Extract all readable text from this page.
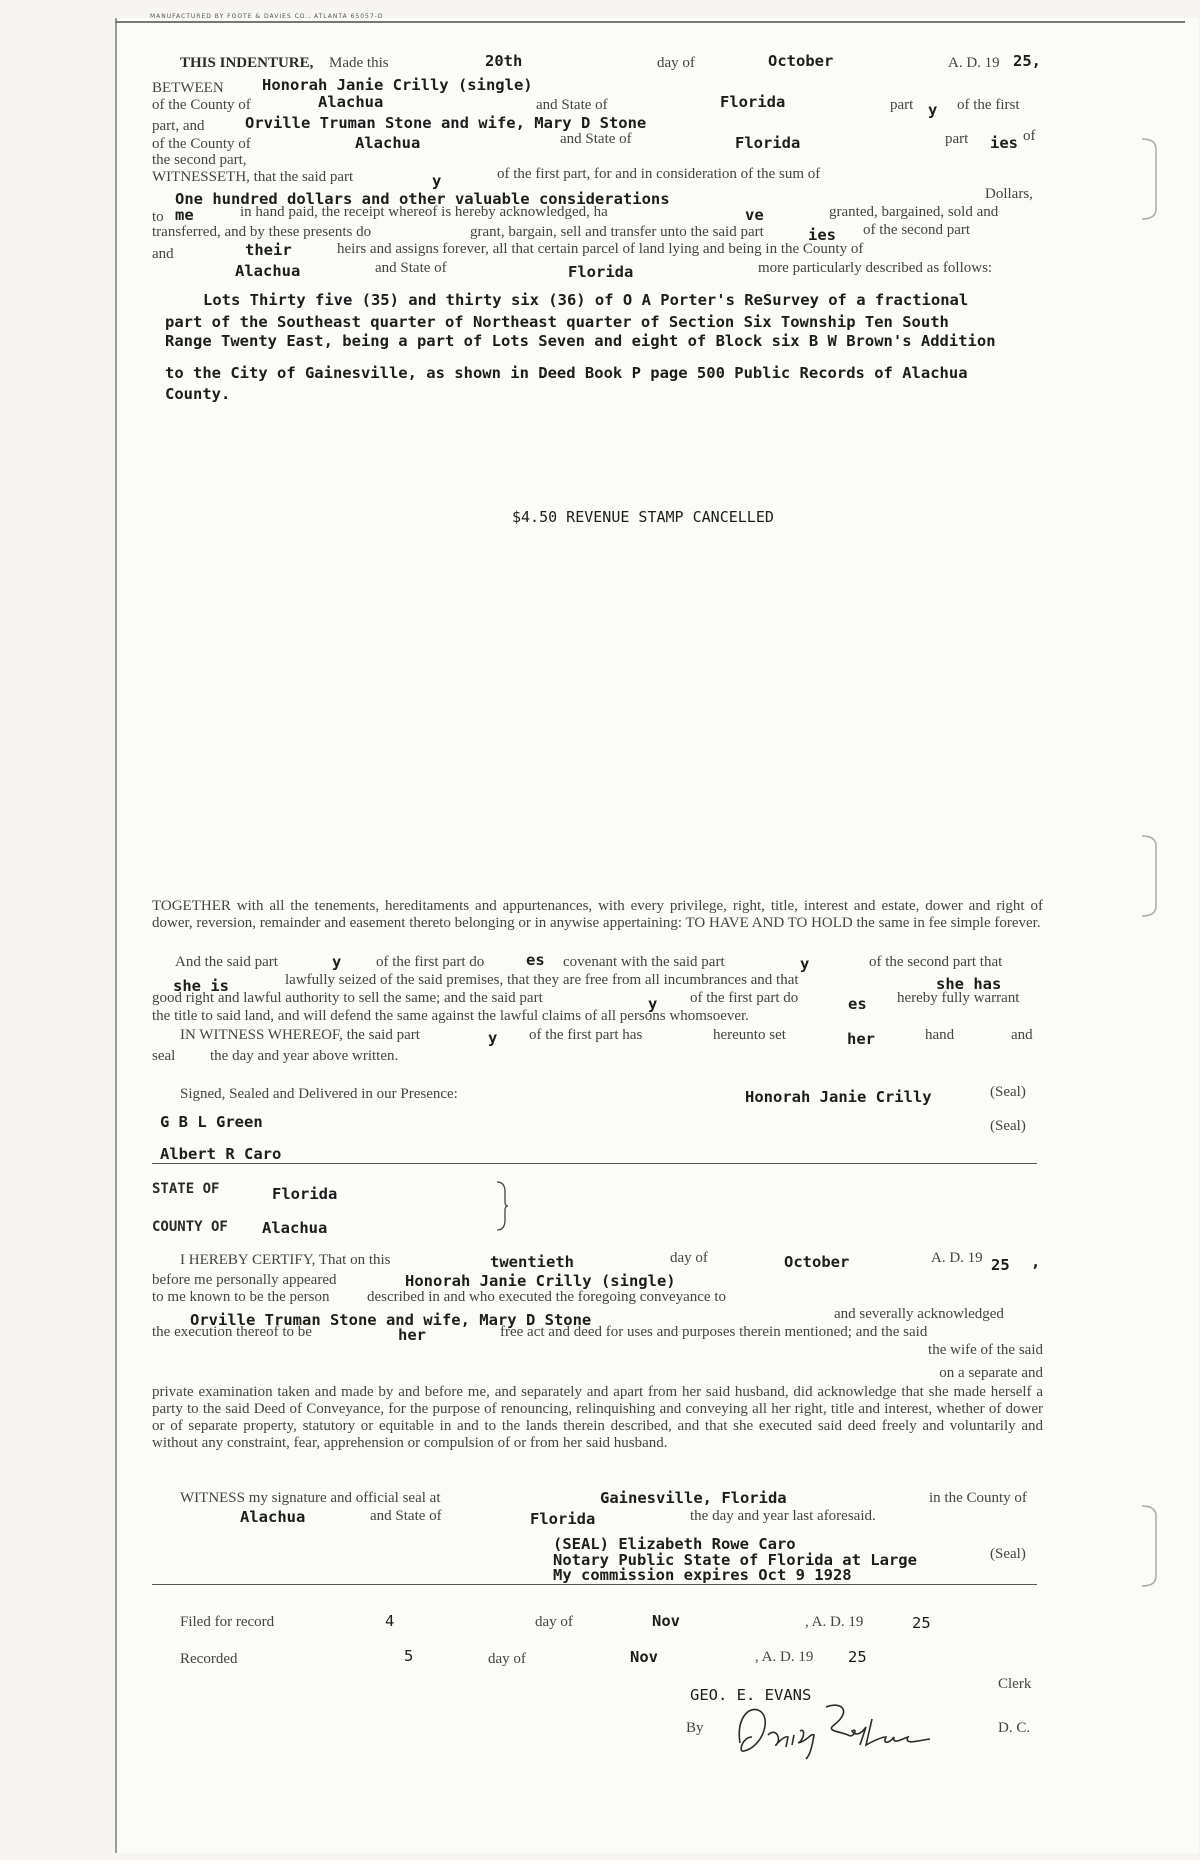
MANUFACTURED BY FOOTE & DAVIES CO., ATLANTA 65057-D
THIS INDENTURE, Made this	20th	day of	October	A. D. 19 25,
BETWEEN Honorah Janie Crilly (single)
of the County of	Alachua	and State of	Florida	part y of the first
part, and	Orville Truman Stone and wife, Mary D Stone
of the County of	Alachua	and State of	Florida	part ies of
the second part,
WITNESSETH, that the said part	y	of the first part, for and in consideration of the sum of
One hundred dollars and other valuable considerations	Dollars,
to me	in hand paid, the receipt whereof is hereby acknowledged, ha	ve	granted, bargained, sold and
transferred, and by these presents do	grant, bargain, sell and transfer unto the said part	ies of the second part
and	their	heirs and assigns forever, all that certain parcel of land lying and being in the County of
Alachua	and State of	Florida	more particularly described as follows:
Lots Thirty five (35) and thirty six (36) of O A Porter's ReSurvey of a fractional
part of the Southeast quarter of Northeast quarter of Section Six Township Ten South
Range Twenty East, being a part of Lots Seven and eight of Block six B W Brown's Addition
to the City of Gainesville, as shown in Deed Book P page 500 Public Records of Alachua
County.
$4.50 REVENUE STAMP CANCELLED
TOGETHER with all the tenements, hereditaments and appurtenances, with every privilege, right, title, interest and estate, dower and right of dower, reversion, remainder and easement thereto belonging or in anywise appertaining: TO HAVE AND TO HOLD the same in fee simple forever.
And the said part	y of the first part do	es covenant with the said part	y	of the second part that
she is	lawfully seized of the said premises, that they are free from all incumbrances and that	she has
good right and lawful authority to sell the same; and the said part	y of the first part do	es hereby fully warrant
the title to said land, and will defend the same against the lawful claims of all persons whomsoever.
IN WITNESS WHEREOF, the said part	y of the first part has	hereunto set	her	hand	and
seal the day and year above written.
Signed, Sealed and Delivered in our Presence:	Honorah Janie Crilly	(Seal)
G B L Green	(Seal)
Albert R Caro
STATE OF	Florida
COUNTY OF Alachua
I HEREBY CERTIFY, That on this	twentieth	day of	October	A. D. 19 25 ,
before me personally appeared	Honorah Janie Crilly (single)
to me known to be the person          described in and who executed the foregoing conveyance to
Orville Truman Stone and wife, Mary D Stone	and severally acknowledged
the execution thereof to be	her	free act and deed for uses and purposes therein mentioned; and the said
the wife of the said
on a separate and
private examination taken and made by and before me, and separately and apart from her said husband, did acknowledge that she made herself a party to the said Deed of Conveyance, for the purpose of renouncing, relinquishing and conveying all her right, title and interest, whether of dower or of separate property, statutory or equitable in and to the lands therein described, and that she executed said deed freely and voluntarily and without any constraint, fear, apprehension or compulsion of or from her said husband.
WITNESS my signature and official seal at	Gainesville, Florida	in the County of
Alachua	and State of	Florida	the day and year last aforesaid.
(SEAL) Elizabeth Rowe Caro
Notary Public State of Florida at Large
My commission expires Oct 9 1928
(Seal)
Filed for record	4	day of	Nov	, A. D. 19	25
Recorded	5	day of	Nov	, A. D. 19 25
GEO. E. EVANS
Clerk
By	D. C.
